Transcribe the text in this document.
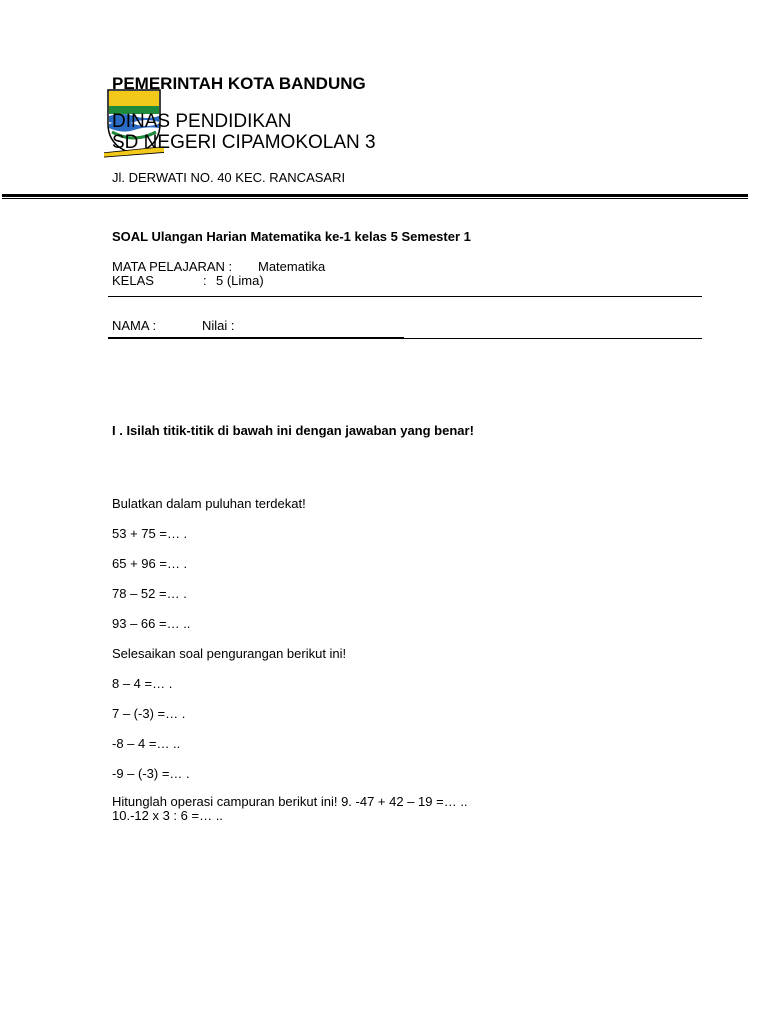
PEMERINTAH KOTA BANDUNG
DINAS PENDIDIKAN
SD NEGERI CIPAMOKOLAN 3
Jl. DERWATI NO. 40 KEC. RANCASARI
SOAL Ulangan Harian Matematika ke-1 kelas 5 Semester 1
MATA PELAJARAN : Matematika
KELAS	: 5 (Lima)
NAMA :	Nilai :
I . Isilah titik-titik di bawah ini dengan jawaban yang benar!
Bulatkan dalam puluhan terdekat!
53 + 75 =… .
65 + 96 =… .
78 – 52 =… .
93 – 66 =… ..
Selesaikan soal pengurangan berikut ini!
8 – 4 =… .
7 – (-3) =… .
-8 – 4 =… ..
-9 – (-3) =… .
Hitunglah operasi campuran berikut ini! 9. -47 + 42 – 19 =… ..
10.-12 x 3 : 6 =… ..
